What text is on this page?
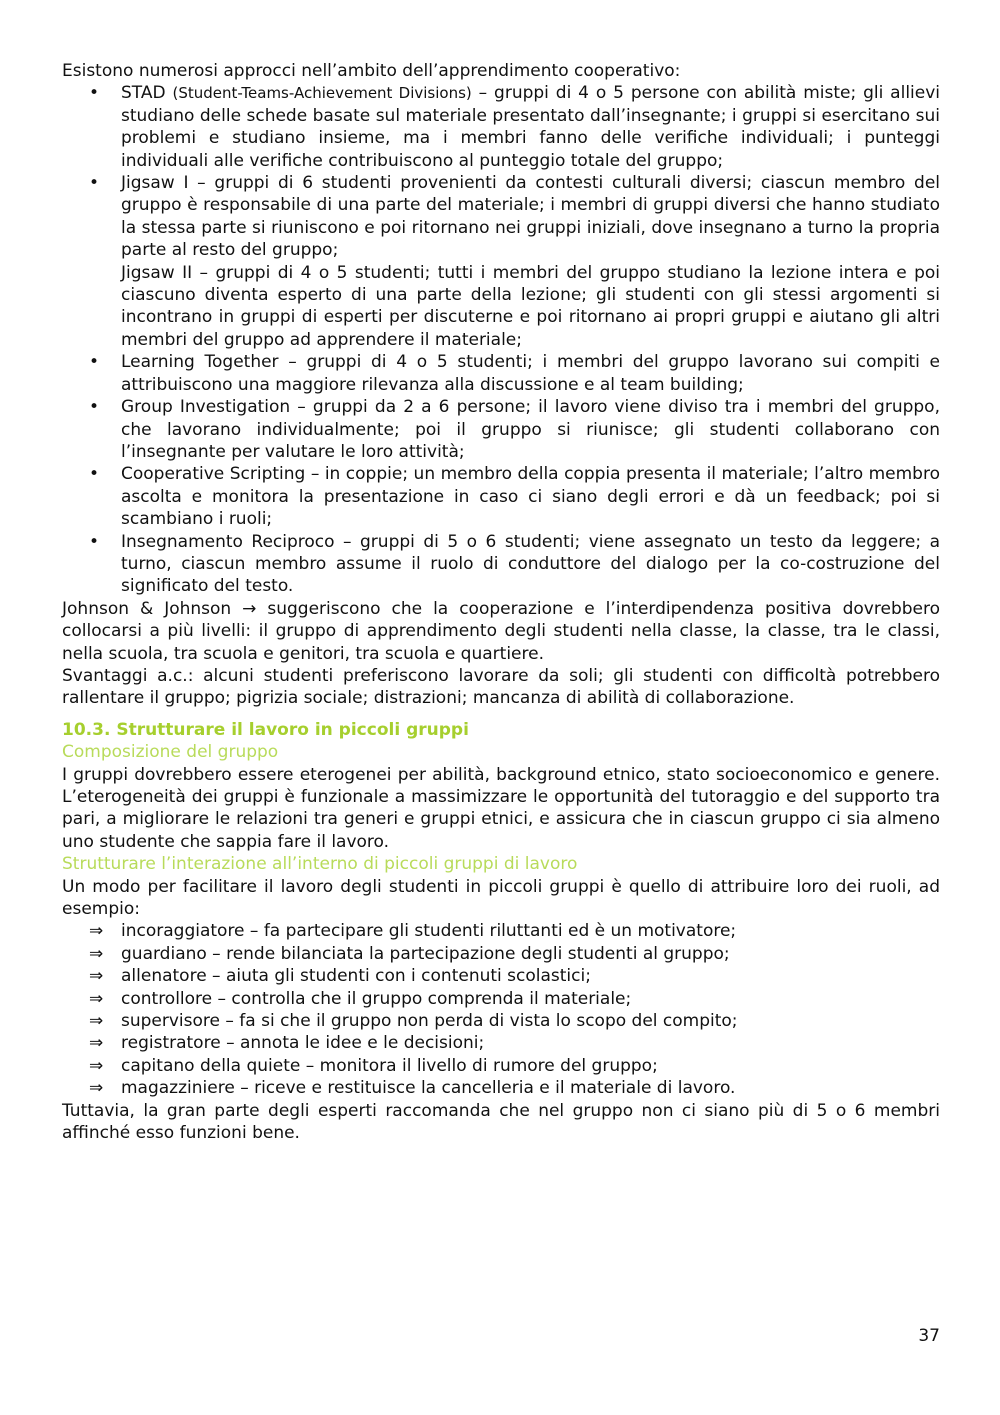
Esistono numerosi approcci nell’ambito dell’apprendimento cooperativo:

• STAD (Student-Teams-Achievement Divisions) – gruppi di 4 o 5 persone con abilità miste; gli allievi studiano delle schede basate sul materiale presentato dall’insegnante; i gruppi si esercitano sui problemi e studiano insieme, ma i membri fanno delle verifiche individuali; i punteggi individuali alle verifiche contribuiscono al punteggio totale del gruppo;
• Jigsaw I – gruppi di 6 studenti provenienti da contesti culturali diversi; ciascun membro del gruppo è responsabile di una parte del materiale; i membri di gruppi diversi che hanno studiato la stessa parte si riuniscono e poi ritornano nei gruppi iniziali, dove insegnano a turno la propria parte al resto del gruppo;
Jigsaw II – gruppi di 4 o 5 studenti; tutti i membri del gruppo studiano la lezione intera e poi ciascuno diventa esperto di una parte della lezione; gli studenti con gli stessi argomenti si incontrano in gruppi di esperti per discuterne e poi ritornano ai propri gruppi e aiutano gli altri membri del gruppo ad apprendere il materiale;
• Learning Together – gruppi di 4 o 5 studenti; i membri del gruppo lavorano sui compiti e attribuiscono una maggiore rilevanza alla discussione e al team building;
• Group Investigation – gruppi da 2 a 6 persone; il lavoro viene diviso tra i membri del gruppo, che lavorano individualmente; poi il gruppo si riunisce; gli studenti collaborano con l’insegnante per valutare le loro attività;
• Cooperative Scripting – in coppie; un membro della coppia presenta il materiale; l’altro membro ascolta e monitora la presentazione in caso ci siano degli errori e dà un feedback; poi si scambiano i ruoli;
• Insegnamento Reciproco – gruppi di 5 o 6 studenti; viene assegnato un testo da leggere; a turno, ciascun membro assume il ruolo di conduttore del dialogo per la co-costruzione del significato del testo.

Johnson & Johnson → suggeriscono che la cooperazione e l’interdipendenza positiva dovrebbero collocarsi a più livelli: il gruppo di apprendimento degli studenti nella classe, la classe, tra le classi, nella scuola, tra scuola e genitori, tra scuola e quartiere.

Svantaggi a.c.: alcuni studenti preferiscono lavorare da soli; gli studenti con difficoltà potrebbero rallentare il gruppo; pigrizia sociale; distrazioni; mancanza di abilità di collaborazione.

10.3. Strutturare il lavoro in piccoli gruppi
Composizione del gruppo

I gruppi dovrebbero essere eterogenei per abilità, background etnico, stato socioeconomico e genere. L’eterogeneità dei gruppi è funzionale a massimizzare le opportunità del tutoraggio e del supporto tra pari, a migliorare le relazioni tra generi e gruppi etnici, e assicura che in ciascun gruppo ci sia almeno uno studente che sappia fare il lavoro.

Strutturare l’interazione all’interno di piccoli gruppi di lavoro

Un modo per facilitare il lavoro degli studenti in piccoli gruppi è quello di attribuire loro dei ruoli, ad esempio:

⇒	incoraggiatore – fa partecipare gli studenti riluttanti ed è un motivatore;
⇒	guardiano – rende bilanciata la partecipazione degli studenti al gruppo;
⇒	allenatore – aiuta gli studenti con i contenuti scolastici;
⇒	controllore – controlla che il gruppo comprenda il materiale;
⇒	supervisore – fa si che il gruppo non perda di vista lo scopo del compito;
⇒	registratore – annota le idee e le decisioni;
⇒	capitano della quiete – monitora il livello di rumore del gruppo;
⇒	magazziniere – riceve e restituisce la cancelleria e il materiale di lavoro.

Tuttavia, la gran parte degli esperti raccomanda che nel gruppo non ci siano più di 5 o 6 membri affinché esso funzioni bene.

37
